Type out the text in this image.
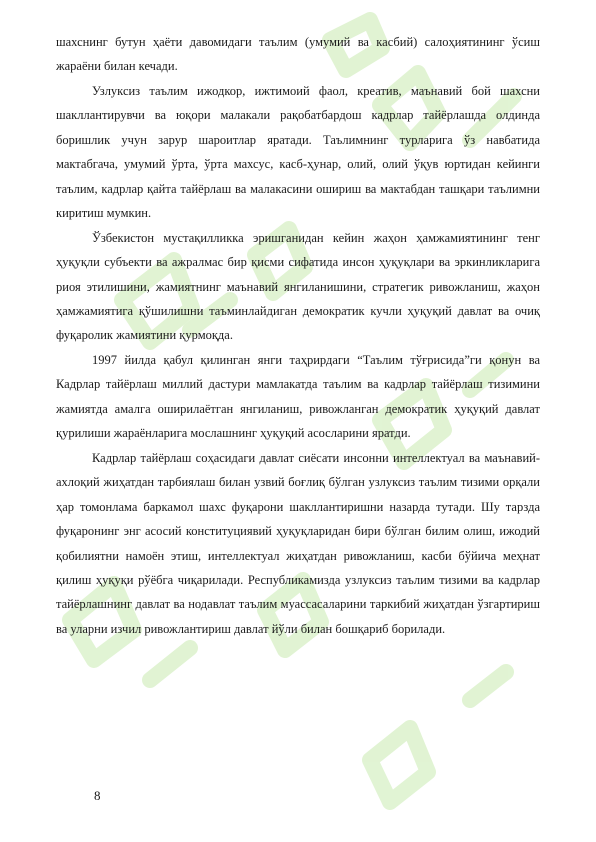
шахснинг бутун ҳаёти давомидаги таълим (умумий ва касбий) салоҳиятининг ўсиш жараёни билан кечади.

Узлуксиз таълим ижодкор, ижтимоий фаол, креатив, маънавий бой шахсни шакллантирувчи ва юқори малакали рақобатбардош кадрлар тайёрлашда олдинда боришлик учун зарур шароитлар яратади. Таълимнинг турларига ўз навбатида мактабгача, умумий ўрта, ўрта махсус, касб-ҳунар, олий, олий ўқув юртидан кейинги таълим, кадрлар қайта тайёрлаш ва малакасини ошириш ва мактабдан ташқари таълимни киритиш мумкин.

Ўзбекистон мустақилликка эришганидан кейин жаҳон ҳамжамиятининг тенг ҳуқуқли субъекти ва ажралмас бир қисми сифатида инсон ҳуқуқлари ва эркинликларига риоя этилишини, жамиятнинг маънавий янгиланишини, стратегик ривожланиш, жаҳон ҳамжамиятига қўшилишни таъминлайдиган демократик кучли ҳуқуқий давлат ва очиқ фуқаролик жамиятини қурмоқда.

1997 йилда қабул қилинган янги таҳрирдаги “Таълим тўғрисида”ги қонун ва Кадрлар тайёрлаш миллий дастури мамлакатда таълим ва кадрлар тайёрлаш тизимини жамиятда амалга оширилаётган янгиланиш, ривожланган демократик ҳуқуқий давлат қурилиши жараёнларига мослашнинг ҳуқуқий асосларини яратди.

Кадрлар тайёрлаш соҳасидаги давлат сиёсати инсонни интеллектуал ва маънавий-ахлоқий жиҳатдан тарбиялаш билан узвий боғлиқ бўлган узлуксиз таълим тизими орқали ҳар томонлама баркамол шахс фуқарони шакллантиришни назарда тутади. Шу тарзда фуқаронинг энг асосий конституциявий ҳуқуқларидан бири бўлган билим олиш, ижодий қобилиятни намоён этиш, интеллектуал жиҳатдан ривожланиш, касби бўйича меҳнат қилиш ҳуқуқи рўёбга чиқарилади. Республикамизда узлуксиз таълим тизими ва кадрлар тайёрлашнинг давлат ва нодавлат таълим муассасаларини таркибий жиҳатдан ўзгартириш ва уларни изчил ривожлантириш давлат йўли билан бошқариб борилади.

8
